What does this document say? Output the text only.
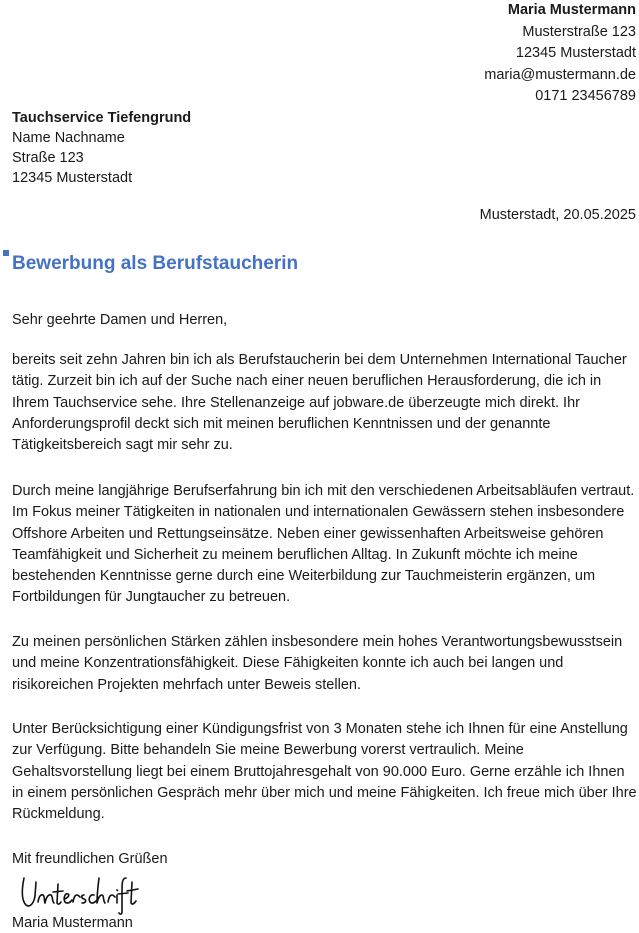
Maria Mustermann
Musterstraße 123
12345 Musterstadt
maria@mustermann.de
0171 23456789
Tauchservice Tiefengrund
Name Nachname
Straße 123
12345 Musterstadt
Musterstadt, 20.05.2025
Bewerbung als Berufstaucherin
Sehr geehrte Damen und Herren,

bereits seit zehn Jahren bin ich als Berufstaucherin bei dem Unternehmen International Taucher tätig. Zurzeit bin ich auf der Suche nach einer neuen beruflichen Herausforderung, die ich in Ihrem Tauchservice sehe. Ihre Stellenanzeige auf jobware.de überzeugte mich direkt. Ihr Anforderungsprofil deckt sich mit meinen beruflichen Kenntnissen und der genannte Tätigkeitsbereich sagt mir sehr zu.

Durch meine langjährige Berufserfahrung bin ich mit den verschiedenen Arbeitsabläufen vertraut. Im Fokus meiner Tätigkeiten in nationalen und internationalen Gewässern stehen insbesondere Offshore Arbeiten und Rettungseinsätze. Neben einer gewissenhaften Arbeitsweise gehören Teamfähigkeit und Sicherheit zu meinem beruflichen Alltag. In Zukunft möchte ich meine bestehenden Kenntnisse gerne durch eine Weiterbildung zur Tauchmeisterin ergänzen, um Fortbildungen für Jungtaucher zu betreuen.

Zu meinen persönlichen Stärken zählen insbesondere mein hohes Verantwortungsbewusstsein und meine Konzentrationsfähigkeit. Diese Fähigkeiten konnte ich auch bei langen und risikoreichen Projekten mehrfach unter Beweis stellen.

Unter Berücksichtigung einer Kündigungsfrist von 3 Monaten stehe ich Ihnen für eine Anstellung zur Verfügung. Bitte behandeln Sie meine Bewerbung vorerst vertraulich. Meine Gehaltsvorstellung liegt bei einem Bruttojahresgehalt von 90.000 Euro. Gerne erzähle ich Ihnen in einem persönlichen Gespräch mehr über mich und meine Fähigkeiten. Ich freue mich über Ihre Rückmeldung.

Mit freundlichen Grüßen
Maria Mustermann
